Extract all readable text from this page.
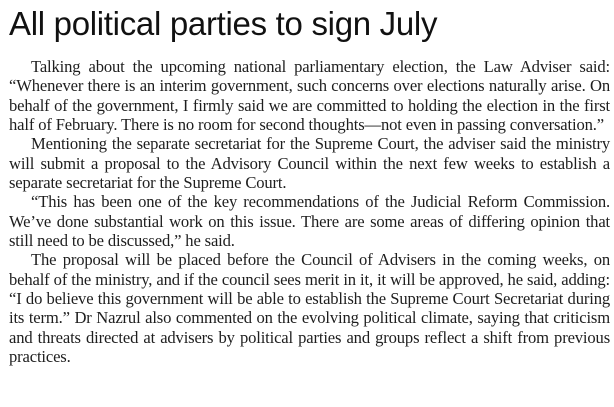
All political parties to sign July

Talking about the upcoming national parliamentary election, the Law Adviser said: “Whenever there is an interim government, such concerns over elections naturally arise. On behalf of the government, I firmly said we are committed to holding the election in the first half of February. There is no room for second thoughts—not even in passing conversation.”

Mentioning the separate secretariat for the Supreme Court, the adviser said the ministry will submit a proposal to the Advisory Council within the next few weeks to establish a separate secretariat for the Supreme Court.

“This has been one of the key recommendations of the Judicial Reform Commission. We’ve done substantial work on this issue. There are some areas of differing opinion that still need to be discussed,” he said.

The proposal will be placed before the Council of Advisers in the coming weeks, on behalf of the ministry, and if the council sees merit in it, it will be approved, he said, adding: “I do believe this government will be able to establish the Supreme Court Secretariat during its term.” Dr Nazrul also commented on the evolving political climate, saying that criticism and threats directed at advisers by political parties and groups reflect a shift from previous practices.
